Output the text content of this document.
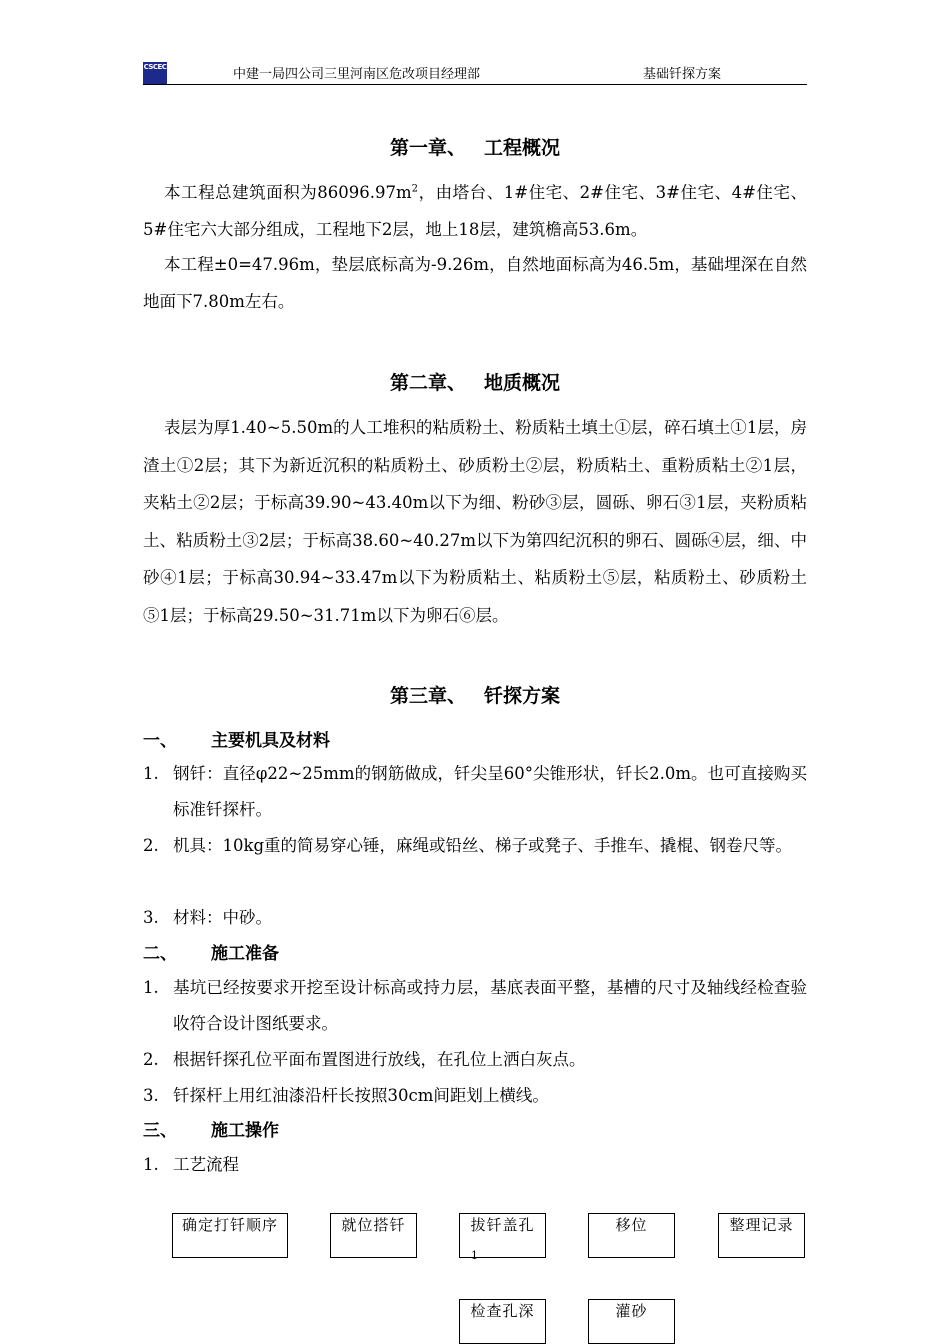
CSCEC	中建一局四公司三里河南区危改项目经理部	基础钎探方案
第一章、 工程概况
本工程总建筑面积为$86096.97m^2$，由塔台、1#住宅、2#住宅、3#住宅、4#住宅、5#住宅六大部分组成，工程地下2层，地上18层，建筑檐高53.6m。
本工程±0=47.96m，垫层底标高为-9.26m，自然地面标高为46.5m，基础埋深在自然地面下7.80m左右。
第二章、 地质概况
表层为厚1.40~5.50m的人工堆积的粘质粉土、粉质粘土填土①层，碎石填土①1层，房渣土①2层；其下为新近沉积的粘质粉土、砂质粉土②层，粉质粘土、重粉质粘土②1层，夹粘土②2层；于标高39.90~43.40m以下为细、粉砂③层，圆砾、卵石③1层，夹粉质粘土、粘质粉土③2层；于标高38.60~40.27m以下为第四纪沉积的卵石、圆砾④层，细、中砂④1层；于标高30.94~33.47m以下为粉质粘土、粘质粉土⑤层，粘质粉土、砂质粉土⑤1层；于标高29.50~31.71m以下为卵石⑥层。
第三章、 钎探方案
一、 主要机具及材料
1. 钢钎：直径φ22~25mm的钢筋做成，钎尖呈60°尖锥形状，钎长2.0m。也可直接购买标准钎探杆。
2. 机具：10kg重的简易穿心锤，麻绳或铅丝、梯子或凳子、手推车、撬棍、钢卷尺等。
3. 材料：中砂。
二、 施工准备
1. 基坑已经按要求开挖至设计标高或持力层，基底表面平整，基槽的尺寸及轴线经检查验收符合设计图纸要求。
2. 根据钎探孔位平面布置图进行放线，在孔位上洒白灰点。
3. 钎探杆上用红油漆沿杆长按照30cm间距划上横线。
三、 施工操作
1. 工艺流程
确定打钎顺序	就位搭钎	拔钎盖孔	移位	整理记录
检查孔深	灌砂
1
